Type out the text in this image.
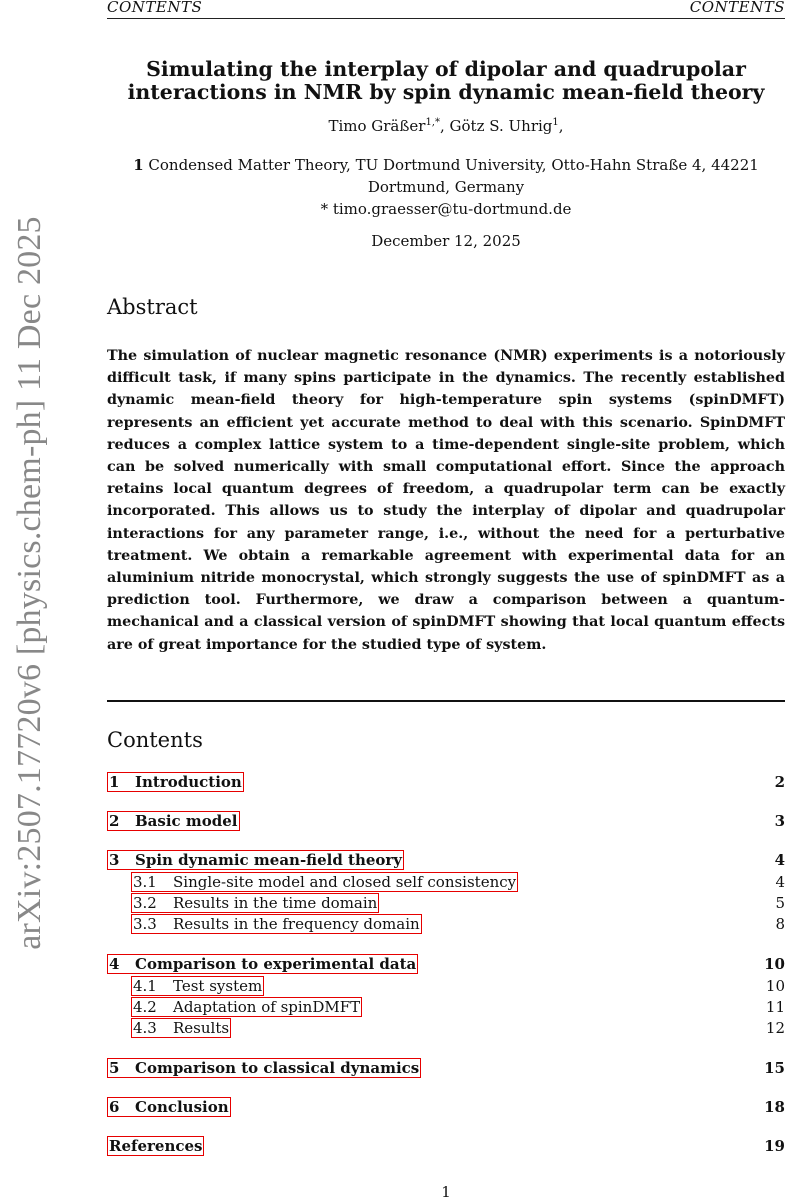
CONTENTS	CONTENTS
arXiv:2507.17720v6 [physics.chem-ph] 11 Dec 2025
Simulating the interplay of dipolar and quadrupolar
interactions in NMR by spin dynamic mean-field theory
Timo Gräßer$^{1,*}$, Götz S. Uhrig$^1$,
1 Condensed Matter Theory, TU Dortmund University, Otto-Hahn Straße 4, 44221
Dortmund, Germany
* timo.graesser@tu-dortmund.de
December 12, 2025
Abstract

The simulation of nuclear magnetic resonance (NMR) experiments is a notoriously difficult task, if many spins participate in the dynamics. The recently established dynamic mean-field theory for high-temperature spin systems (spinDMFT) represents an efficient yet accurate method to deal with this scenario. SpinDMFT reduces a complex lattice system to a time-dependent single-site problem, which can be solved numerically with small computational effort. Since the approach retains local quantum degrees of freedom, a quadrupolar term can be exactly incorporated. This allows us to study the interplay of dipolar and quadrupolar interactions for any parameter range, i.e., without the need for a perturbative treatment. We obtain a remarkable agreement with experimental data for an aluminium nitride monocrystal, which strongly suggests the use of spinDMFT as a prediction tool. Furthermore, we draw a comparison between a quantum-mechanical and a classical version of spinDMFT showing that local quantum effects are of great importance for the studied type of system.

Contents
1 Introduction	2
2 Basic model	3
3 Spin dynamic mean-field theory	4
3.1 Single-site model and closed self consistency	4
3.2 Results in the time domain	5
3.3 Results in the frequency domain	8
4 Comparison to experimental data	10
4.1 Test system	10
4.2 Adaptation of spinDMFT	11
4.3 Results	12
5 Comparison to classical dynamics	15
6 Conclusion	18
References	19
1
